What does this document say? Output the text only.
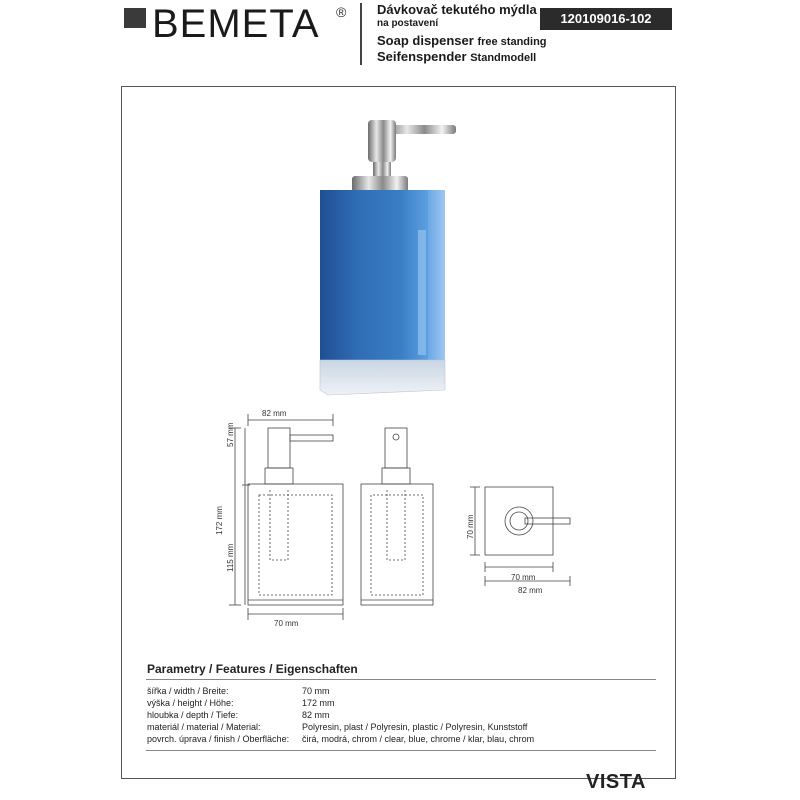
BEMETA ® Dávkovač tekutého mýdla
na postavení
Soap dispenser free standing
Seifenspender Standmodell
120109016-102
82 mm
57 mm
172 mm
115 mm
70 mm
70 mm
70 mm
82 mm
Parametry / Features / Eigenschaften
šířka / width / Breite:	70 mm
výška / height / Höhe:	172 mm
hloubka / depth / Tiefe:	82 mm
materiál / material / Material:	Polyresin, plast / Polyresin, plastic / Polyresin, Kunststoff
povrch. úprava / finish / Oberfläche: čirá, modrá, chrom / clear, blue, chrome / klar, blau, chrom
VISTA
